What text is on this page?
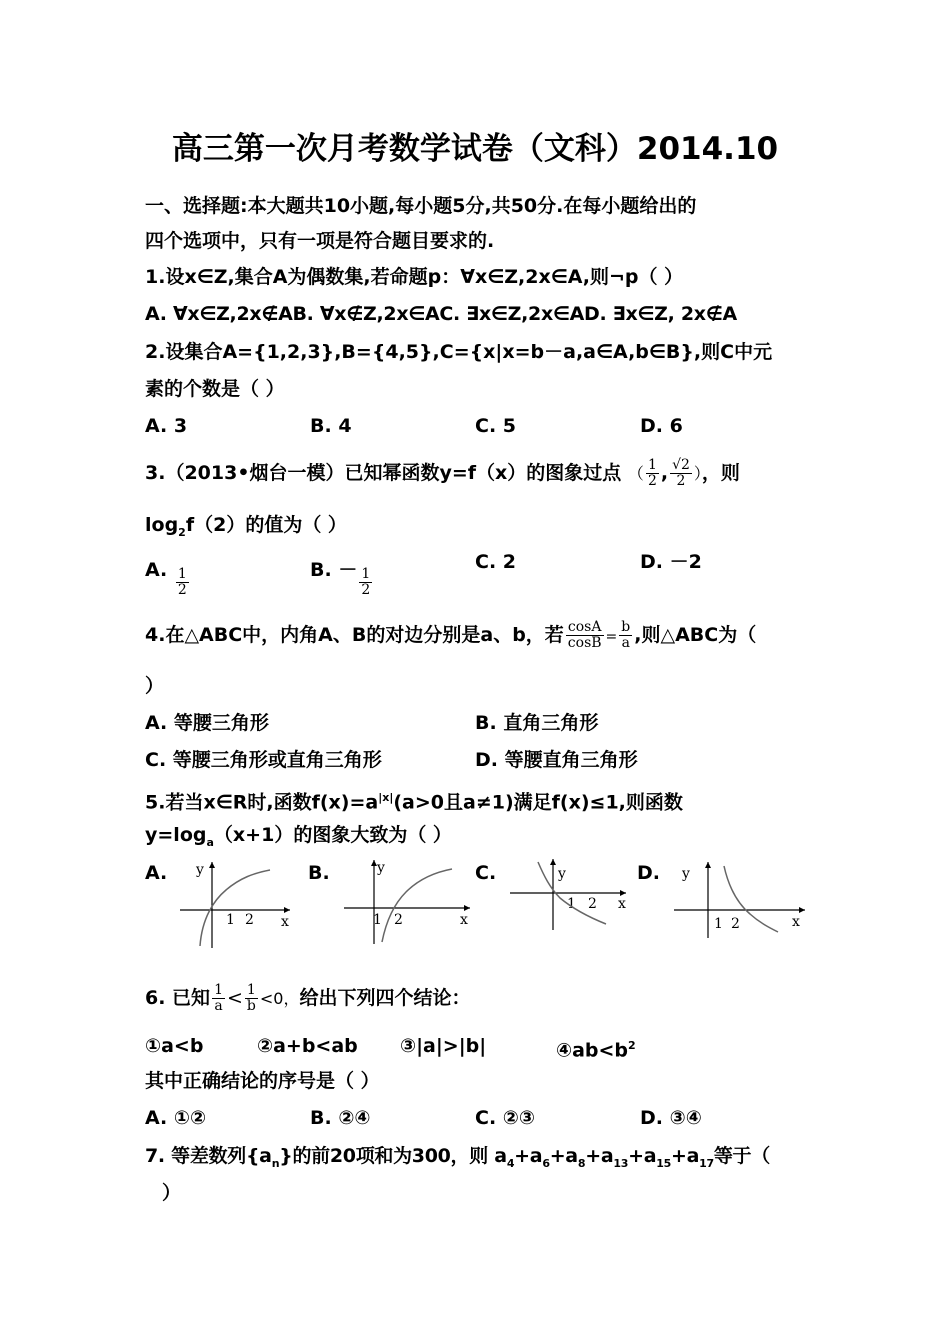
高三第一次月考数学试卷（文科）2014.10
一、选择题:本大题共10小题,每小题5分,共50分.在每小题给出的
四个选项中，只有一项是符合题目要求的.
1.设x∈Z,集合A为偶数集,若命题p：∀x∈Z,2x∈A,则¬p（ ）
A. ∀x∈Z,2x∉AB. ∀x∉Z,2x∈AC. ∃x∈Z,2x∈AD. ∃x∈Z, 2x∉A
2.设集合A={1,2,3},B={4,5},C={x|x=b－a,a∈A,b∈B},则C中元
素的个数是（ ）
A. 3	B. 4	C. 5	D. 6
3.（2013•烟台一模）已知幂函数y=f（x）的图象过点 （ $\frac{1}{2}$ , $\frac{√2}{2}$ ），则
$\log_2f(2)$的值为（ ）
A. $\frac{1}{2}$	B. － $\frac{1}{2}$
C. 2	D. －2
4.在△ABC中，内角A、B的对边分别是a、b，若 $\frac{\cos A}{\cos B} = \frac{b}{a}$ ,则△ABC为（
）
A. 等腰三角形	B. 直角三角形
C. 等腰三角形或直角三角形	D. 等腰直角三角形
5.若当x∈R时,函数$f(x)=a^{|x|}(a>0$且a≠1)满足f(x)≤1,则函数
$y=\log_a(x+1)$的图象大致为（ ）
A.	B.	C.	D.
y
x
1 2
y
x
1 2
y
x
1 2
y
x
1 2
6. 已知 $\frac{1}{a} < \frac{1}{b} <0$，给出下列四个结论：
①a<b	②a+b<ab ③|a|>|b|	$④ab<b^2$
其中正确结论的序号是（ ）
A. ①②	B. ②④	C. ②③	D. ③④
7. 等差数列$\{a_n\}$的前20项和为300，则 $a_4+a_6+a_8+a_{13}+a_{15}+a_{17}$等于（
）
